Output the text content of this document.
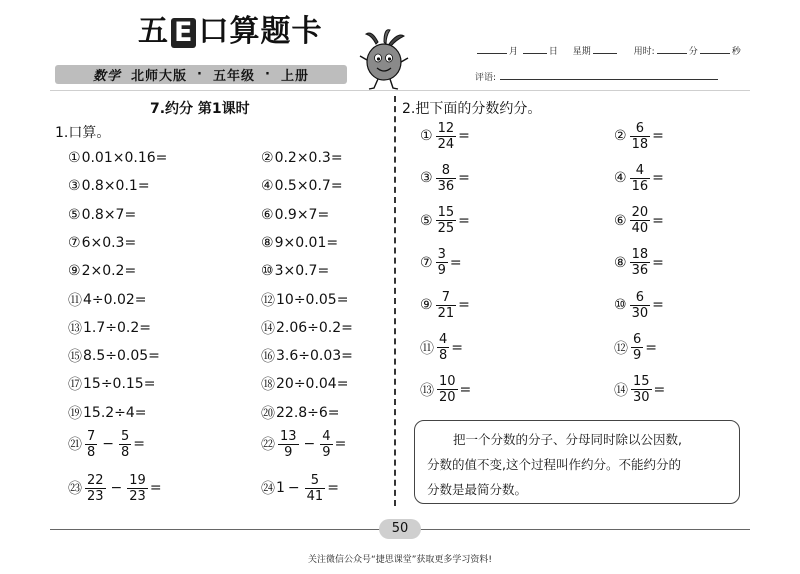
五 E 口算题卡
数学 北师大版 · 五年级 · 上册
月	日 星期	用时:	分	秒
评语:
7.约分 第1课时
1.口算。
① 0.01×0.16=	② 0.2×0.3=
③ 0.8×0.1=	④ 0.5×0.7=
⑤ 0.8×7=	⑥ 0.9×7=
⑦ 6×0.3=	⑧ 9×0.01=
⑨ 2×0.2=	⑩ 3×0.7=
⑪ 4÷0.02=	⑫ 10÷0.05=
⑬ 1.7÷0.2=	⑭ 2.06÷0.2=
⑮ 8.5÷0.05=	⑯ 3.6÷0.03=
⑰ 15÷0.15=	⑱ 20÷0.04=
⑲ 15.2÷4=	⑳ 22.8÷6=
㉑ $\frac{7}{8} - \frac{5}{8}$ =	㉒ $\frac{13}{9} - \frac{4}{9}$ =
㉓ $\frac{22}{23} - \frac{19}{23}$ =	㉔ $1 - \frac{5}{41}$ =
2.把下面的分数约分。
① $\frac{12}{24}$ =	② $\frac{6}{18}$ =
③ $\frac{8}{36}$ =	④ $\frac{4}{16}$ =
⑤ $\frac{15}{25}$ =	⑥ $\frac{20}{40}$ =
⑦ $\frac{3}{9}$ =	⑧ $\frac{18}{36}$ =
⑨ $\frac{7}{21}$ =	⑩ $\frac{6}{30}$ =
⑪ $\frac{4}{8}$ =	⑫ $\frac{6}{9}$ =
⑬ $\frac{10}{20}$ =	⑭ $\frac{15}{30}$ =
把一个分数的分子、分母同时除以公因数,
分数的值不变,这个过程叫作约分。不能约分的
分数是最简分数。
50
关注微信公众号“捷思课堂”获取更多学习资料!
